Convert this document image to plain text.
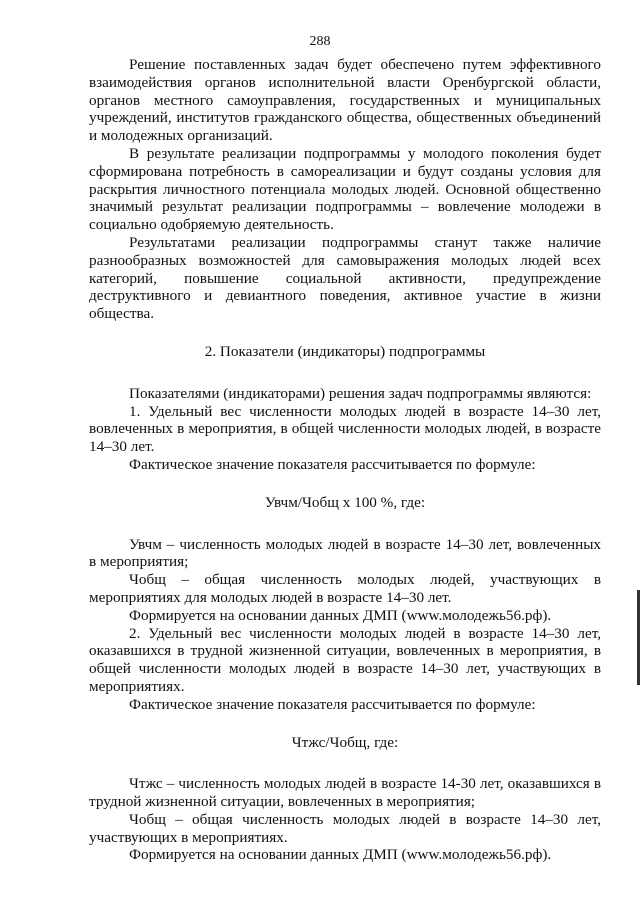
288

Решение поставленных задач будет обеспечено путем эффективного взаимодействия органов исполнительной власти Оренбургской области, органов местного самоуправления, государственных и муниципальных учреждений, институтов гражданского общества, общественных объединений и молодежных организаций.

В результате реализации подпрограммы у молодого поколения будет сформирована потребность в самореализации и будут созданы условия для раскрытия личностного потенциала молодых людей. Основной общественно значимый результат реализации подпрограммы – вовлечение молодежи в социально одобряемую деятельность.

Результатами реализации подпрограммы станут также наличие разнообразных возможностей для самовыражения молодых людей всех категорий, повышение социальной активности, предупреждение деструктивного и девиантного поведения, активное участие в жизни общества.

2. Показатели (индикаторы) подпрограммы

Показателями (индикаторами) решения задач подпрограммы являются:

1. Удельный вес численности молодых людей в возрасте 14–30 лет, вовлеченных в мероприятия, в общей численности молодых людей, в возрасте 14–30 лет.

Фактическое значение показателя рассчитывается по формуле:

Увчм/Чобщ х 100 %, где:

Увчм – численность молодых людей в возрасте 14–30 лет, вовлеченных в мероприятия;

Чобщ – общая численность молодых людей, участвующих в мероприятиях для молодых людей в возрасте 14–30 лет.

Формируется на основании данных ДМП (www.молодежь56.рф).

2. Удельный вес численности молодых людей в возрасте 14–30 лет, оказавшихся в трудной жизненной ситуации, вовлеченных в мероприятия, в общей численности молодых людей в возрасте 14–30 лет, участвующих в мероприятиях.

Фактическое значение показателя рассчитывается по формуле:

Чтжс/Чобщ, где:

Чтжс – численность молодых людей в возрасте 14-30 лет, оказавшихся в трудной жизненной ситуации, вовлеченных в мероприятия;

Чобщ – общая численность молодых людей в возрасте 14–30 лет, участвующих в мероприятиях.

Формируется на основании данных ДМП (www.молодежь56.рф).
